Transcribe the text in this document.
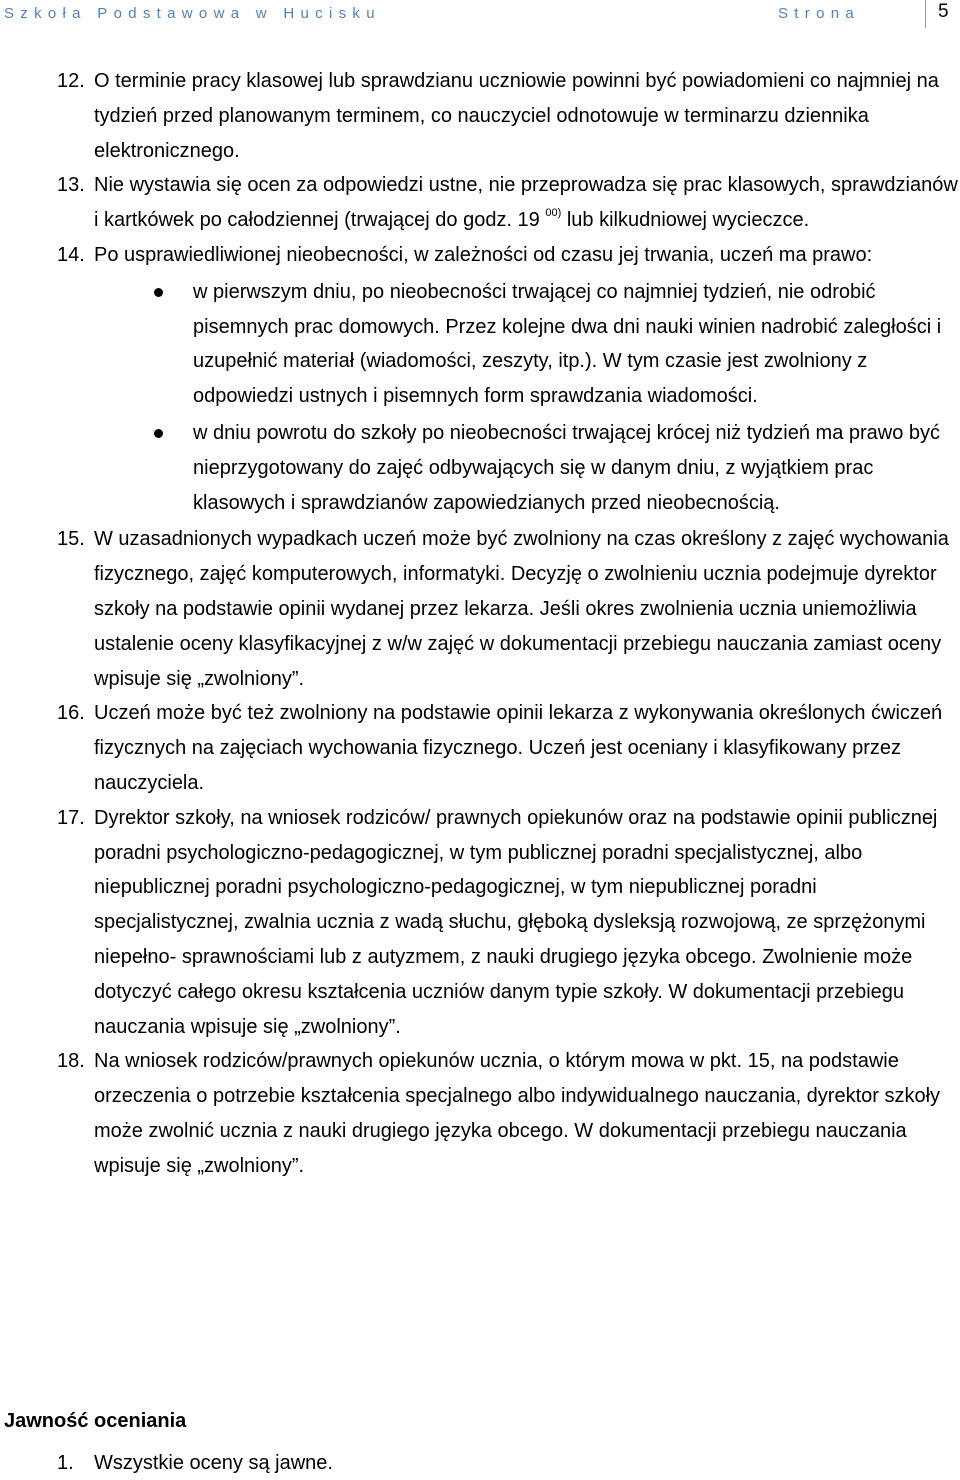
Szkoła Podstawowa w Hucisku	Strona	5
12. O terminie pracy klasowej lub sprawdzianu uczniowie powinni być powiadomieni co najmniej na tydzień przed planowanym terminem, co nauczyciel odnotowuje w terminarzu dziennika elektronicznego.
13. Nie wystawia się ocen za odpowiedzi ustne, nie przeprowadza się prac klasowych, sprawdzianów i kartkówek po całodziennej (trwającej do godz. 19 $^{00)}$ lub kilkudniowej wycieczce.
14. Po usprawiedliwionej nieobecności, w zależności od czasu jej trwania, uczeń ma prawo:
w pierwszym dniu, po nieobecności trwającej co najmniej tydzień, nie odrobić pisemnych prac domowych. Przez kolejne dwa dni nauki winien nadrobić zaległości i uzupełnić materiał (wiadomości, zeszyty, itp.). W tym czasie jest zwolniony z odpowiedzi ustnych i pisemnych form sprawdzania wiadomości.
w dniu powrotu do szkoły po nieobecności trwającej krócej niż tydzień ma prawo być nieprzygotowany do zajęć odbywających się w danym dniu, z wyjątkiem prac klasowych i sprawdzianów zapowiedzianych przed nieobecnością.
15. W uzasadnionych wypadkach uczeń może być zwolniony na czas określony z zajęć wychowania fizycznego, zajęć komputerowych, informatyki. Decyzję o zwolnieniu ucznia podejmuje dyrektor szkoły na podstawie opinii wydanej przez lekarza. Jeśli okres zwolnienia ucznia uniemożliwia ustalenie oceny klasyfikacyjnej z w/w zajęć w dokumentacji przebiegu nauczania zamiast oceny wpisuje się „zwolniony”.
16. Uczeń może być też zwolniony na podstawie opinii lekarza z wykonywania określonych ćwiczeń fizycznych na zajęciach wychowania fizycznego. Uczeń jest oceniany i klasyfikowany przez nauczyciela.
17. Dyrektor szkoły, na wniosek rodziców/ prawnych opiekunów oraz na podstawie opinii publicznej poradni psychologiczno-pedagogicznej, w tym publicznej poradni specjalistycznej, albo niepublicznej poradni psychologiczno-pedagogicznej, w tym niepublicznej poradni specjalistycznej, zwalnia ucznia z wadą słuchu, głęboką dysleksją rozwojową, ze sprzężonymi niepełno- sprawnościami lub z autyzmem, z nauki drugiego języka obcego. Zwolnienie może dotyczyć całego okresu kształcenia uczniów danym typie szkoły. W dokumentacji przebiegu nauczania wpisuje się „zwolniony”.
18. Na wniosek rodziców/prawnych opiekunów ucznia, o którym mowa w pkt. 15, na podstawie orzeczenia o potrzebie kształcenia specjalnego albo indywidualnego nauczania, dyrektor szkoły może zwolnić ucznia z nauki drugiego języka obcego. W dokumentacji przebiegu nauczania wpisuje się „zwolniony”.
Jawność oceniania
1. Wszystkie oceny są jawne.
